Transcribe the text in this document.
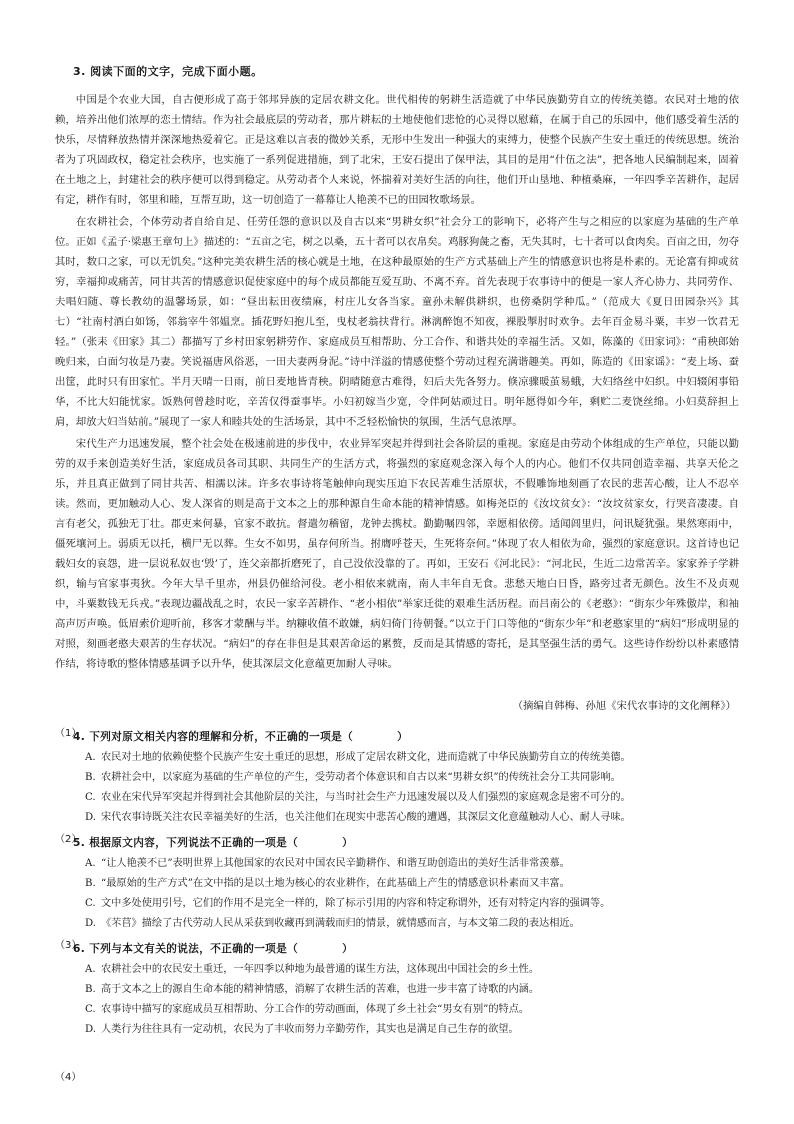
3. 阅读下面的文字，完成下面小题。

中国是个农业大国，自古便形成了高于邻邦异族的定居农耕文化。世代相传的躬耕生活造就了中华民族勤劳自立的传统美德。农民对土地的依赖，培养出他们浓厚的恋土情结。作为社会最底层的劳动者，那片耕耘的土地使他们悲怆的心灵得以慰藉，在属于自己的乐园中，他们感受着生活的快乐，尽情释放热情并深深地热爱着它。正是这难以言表的微妙关系，无形中生发出一种强大的束缚力，使整个民族产生安土重迁的传统思想。统治者为了巩固政权，稳定社会秩序，也实施了一系列促进措施，到了北宋，王安石提出了保甲法，其目的是用“什伍之法”，把各地人民编制起来，固着在土地之上，封建社会的秩序便可以得到稳定。从劳动者个人来说，怀揣着对美好生活的向往，他们开山垦地、种植桑麻，一年四季辛苦耕作，起居有定，耕作有时，邻里和睦，互帮互助，这一切创造了一幕幕让人艳羡不已的田园牧歌场景。

在农耕社会，个体劳动者自给自足、任劳任怨的意识以及自古以来“男耕女织”社会分工的影响下，必将产生与之相应的以家庭为基础的生产单位。正如《孟子·梁惠王章句上》描述的：“五亩之宅，树之以桑，五十者可以衣帛矣。鸡豚狗彘之畜，无失其时，七十者可以食肉矣。百亩之田，勿夺其时，数口之家，可以无饥矣。”这种完美农耕生活的核心就是土地，在这种最原始的生产方式基础上产生的情感意识也将是朴素的。无论富有抑或贫穷，幸福抑或痛苦，同甘共苦的情感意识促使家庭中的每个成员都能互爱互助、不离不弃。首先表现于农事诗中的便是一家人齐心协力、共同劳作、夫唱妇随、尊长教幼的温馨场景，如：“昼出耘田夜绩麻，村庄儿女各当家。童孙未解供耕织，也傍桑阴学种瓜。”（范成大《夏日田园杂兴》其七）“社南村酒白如饧，邻翁宰牛邻媪烹。插花野妇抱儿至，曳杖老翁扶背行。淋漓醉饱不知夜，裸股掣肘时欢争。去年百金易斗粟，丰岁一饮君无轻。”（张耒《田家》其二）都描写了乡村田家躬耕劳作、家庭成员互相帮助、分工合作、和谐共处的幸福生活。又如，陈藻的《田家词》：“甫秧郎始晚归来，白面匀妆是乃妻。笑说福唐风俗恶，一田夫妻两身泥。”诗中洋溢的情感使整个劳动过程充满谐趣美。再如，陈造的《田家谣》：“麦上场、蚕出筐，此时只有田家忙。半月天晴一日雨，前日麦地皆青秧。阴晴随意古难得，妇后夫先各努力。倏凉骤暖茧易蛾，大妇络丝中妇织。中妇辍闲事铅华，不比大妇能忧家。饭熟何曾趁时吃，辛苦仅得蚕事毕。小妇初嫁当少宽，令伴阿姑顽过日。明年愿得如今年，剩贮二麦饶丝绵。小妇莫辞担上肩，却放大妇当姑前。”展现了一家人和睦共处的生活场景，其中不乏轻松愉快的氛围，生活气息浓厚。

宋代生产力迅速发展，整个社会处在极速前进的步伐中，农业异军突起并得到社会各阶层的重视。家庭是由劳动个体组成的生产单位，只能以勤劳的双手来创造美好生活，家庭成员各司其职、共同生产的生活方式，将强烈的家庭观念深入每个人的内心。他们不仅共同创造幸福、共享天伦之乐，并且真正做到了同甘共苦、相濡以沫。许多农事诗将笔触伸向现实压迫下农民苦难生活原状，不假雕饰地刻画了农民的悲苦心酸，让人不忍卒读。然而，更加触动人心、发人深省的则是高于文本之上的那种源自生命本能的精神情感。如梅尧臣的《汝坟贫女》：“汝坟贫家女，行哭音凄凄。自言有老父，孤独无丁壮。郡吏来何暴，官家不敢抗。督遣勿稽留，龙钟去携杖。勤勤嘱四邻，幸愿相依傍。适闻闾里归，问讯疑犹强。果然寒雨中，僵死壤河上。弱质无以托，横尸无以葬。生女不如男，虽存何所当。拊膺呼苍天，生死将奈何。”体现了农人相依为命，强烈的家庭意识。这首诗也记载妇女的哀怨，进一层说私奴也‘毁’了，连父亲都折磨死了，自己没依没靠的了。再如，王安石《河北民》：“河北民，生近二边常苦辛。家家养子学耕织，输与官家事夷狄。今年大旱千里赤，州县仍催给河役。老小相依来就南，南人丰年自无食。悲愁天地白日昏，路旁过者无颜色。汝生不及贞观中，斗粟数钱无兵戎。”表现边疆战乱之时，农民一家辛苦耕作、“老小相依”举家迁徙的艰难生活历程。而吕南公的《老憨》：“街东少年殊傲岸，和袖高声厉声唤。低眉索价迎听前，移客才蒙酬与半。纳糠收值不敢嫌，病妇倚门待朝餐。”以立于门口等他的“街东少年”和老憨家里的“病妇”形成明显的对照，刻画老憨夫艰苦的生存状况。“病妇”的存在非但是其艰苦命运的累赘，反而是其情感的寄托，是其坚强生活的勇气。这些诗作纷纷以朴素感情作结，将诗歌的整体情感基调予以升华，使其深层文化意蕴更加耐人寻味。

（摘编自韩梅、孙旭《宋代农事诗的文化阐释》）
（1）
4. 下列对原文相关内容的理解和分析，不正确的一项是（　　　　）
A. 农民对土地的依赖使整个民族产生安土重迁的思想，形成了定居农耕文化，进而造就了中华民族勤劳自立的传统美德。
B. 农耕社会中，以家庭为基础的生产单位的产生，受劳动者个体意识和自古以来“男耕女织”的传统社会分工共同影响。
C. 农业在宋代异军突起并得到社会其他阶层的关注，与当时社会生产力迅速发展以及人们强烈的家庭观念是密不可分的。
D. 宋代农事诗既关注农民幸福美好的生活，也关注他们在现实中悲苦心酸的遭遇，其深层文化意蕴触动人心、耐人寻味。
（2）
5. 根据原文内容，下列说法不正确的一项是（　　　　）
A. “让人艳羡不已”表明世界上其他国家的农民对中国农民辛勤耕作、和谐互助创造出的美好生活非常羡慕。
B. “最原始的生产方式”在文中指的是以土地为核心的农业耕作，在此基础上产生的情感意识朴素而又丰富。
C. 文中多处使用引号，它们的作用不是完全一样的，除了标示引用的内容和特定称谓外，还有对特定内容的强调等。
D. 《芣苢》描绘了古代劳动人民从采获到收藏再到满载而归的情景，就情感而言，与本文第二段的表达相近。
（3）
6. 下列与本文有关的说法，不正确的一项是（　　　　）
A. 农耕社会中的农民安土重迁，一年四季以种地为最普通的谋生方法，这体现出中国社会的乡土性。
B. 高于文本之上的源自生命本能的精神情感，消解了农耕生活的苦难，也进一步丰富了诗歌的内涵。
C. 农事诗中描写的家庭成员互相帮助、分工合作的劳动画面，体现了乡土社会“男女有别”的特点。
D. 人类行为往往具有一定动机，农民为了丰收而努力辛勤劳作，其实也是满足自己生存的欲望。
（4）
